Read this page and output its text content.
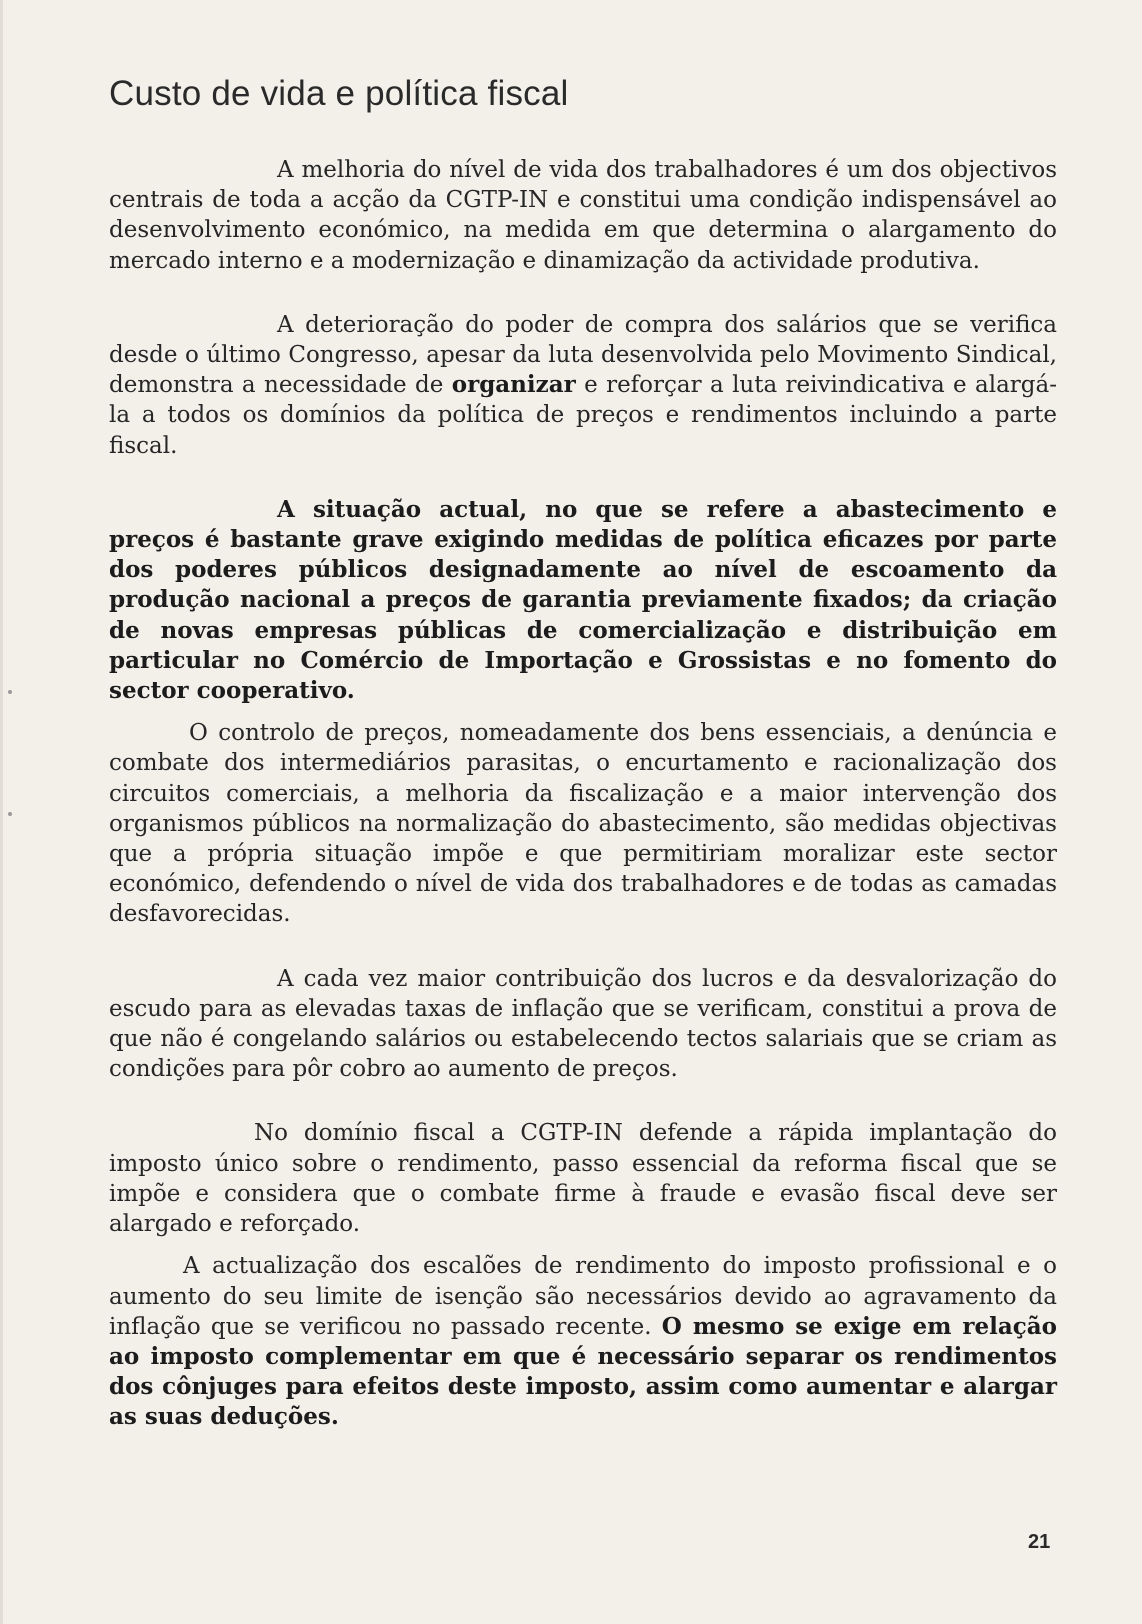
Custo de vida e política fiscal

A melhoria do nível de vida dos trabalhadores é um dos objectivos centrais de toda a acção da CGTP-IN e constitui uma condição indispensável ao desenvolvimento económico, na medida em que determina o alargamento do mercado interno e a modernização e dinamização da actividade produtiva.

A deterioração do poder de compra dos salários que se verifica desde o último Congresso, apesar da luta desenvolvida pelo Movimento Sindical, demonstra a necessidade de organizar e reforçar a luta reivindicativa e alargá-la a todos os domínios da política de preços e rendimentos incluindo a parte fiscal.

A situação actual, no que se refere a abastecimento e preços é bastante grave exigindo medidas de política eficazes por parte dos poderes públicos designadamente ao nível de escoamento da produção nacional a preços de garantia previamente fixados; da criação de novas empresas públicas de comercialização e distribuição em particular no Comércio de Importação e Grossistas e no fomento do sector cooperativo.

O controlo de preços, nomeadamente dos bens essenciais, a denúncia e combate dos intermediários parasitas, o encurtamento e racionalização dos circuitos comerciais, a melhoria da fiscalização e a maior intervenção dos organismos públicos na normalização do abastecimento, são medidas objectivas que a própria situação impõe e que permitiriam moralizar este sector económico, defendendo o nível de vida dos trabalhadores e de todas as camadas desfavorecidas.

A cada vez maior contribuição dos lucros e da desvalorização do escudo para as elevadas taxas de inflação que se verificam, constitui a prova de que não é congelando salários ou estabelecendo tectos salariais que se criam as condições para pôr cobro ao aumento de preços.

No domínio fiscal a CGTP-IN defende a rápida implantação do imposto único sobre o rendimento, passo essencial da reforma fiscal que se impõe e considera que o combate firme à fraude e evasão fiscal deve ser alargado e reforçado.

A actualização dos escalões de rendimento do imposto profissional e o aumento do seu limite de isenção são necessários devido ao agravamento da inflação que se verificou no passado recente. O mesmo se exige em relação ao imposto complementar em que é necessário separar os rendimentos dos cônjuges para efeitos deste imposto, assim como aumentar e alargar as suas deduções.

21
